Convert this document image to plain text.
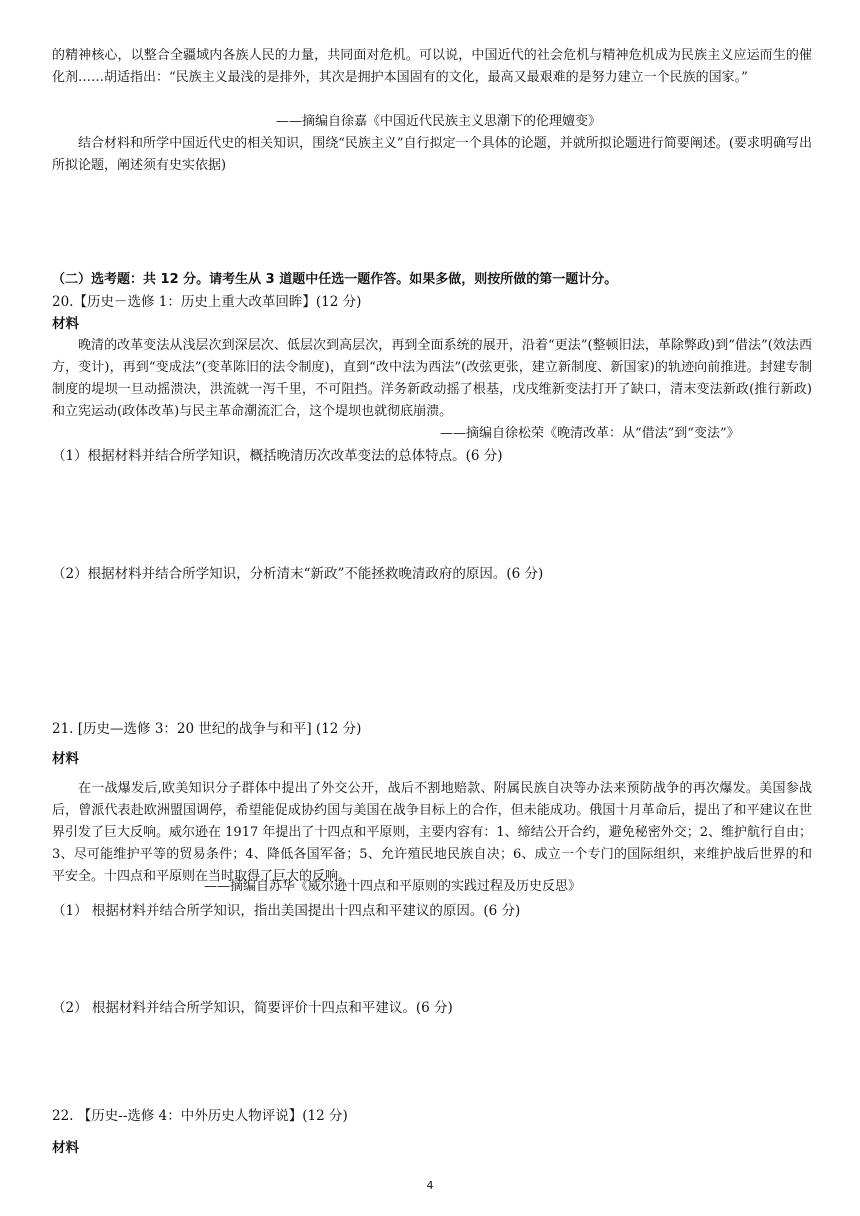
的精神核心，以整合全疆域内各族人民的力量，共同面对危机。可以说，中国近代的社会危机与精神危机成为民族主义应运而生的催化剂……胡适指出：“民族主义最浅的是排外，其次是拥护本国固有的文化，最高又最艰难的是努力建立一个民族的国家。”

——摘编自徐嘉《中国近代民族主义思潮下的伦理嬗变》

结合材料和所学中国近代史的相关知识，围绕“民族主义”自行拟定一个具体的论题，并就所拟论题进行简要阐述。(要求明确写出所拟论题，阐述须有史实依据)

（二）选考题：共 12 分。请考生从 3 道题中任选一题作答。如果多做，则按所做的第一题计分。
20.【历史－选修 1：历史上重大改革回眸】(12 分)
材料

晚清的改革变法从浅层次到深层次、低层次到高层次，再到全面系统的展开，沿着“更法”(整顿旧法，革除弊政)到“借法”(效法西方，变计)，再到“变成法”(变革陈旧的法令制度)，直到“改中法为西法”(改弦更张，建立新制度、新国家)的轨迹向前推进。封建专制制度的堤坝一旦动摇溃决，洪流就一泻千里，不可阻挡。洋务新政动摇了根基，戊戌维新变法打开了缺口，清末变法新政(推行新政)和立宪运动(政体改革)与民主革命潮流汇合，这个堤坝也就彻底崩溃。

——摘编自徐松荣《晚清改革：从“借法”到“变法”》
（1）根据材料并结合所学知识，概括晚清历次改革变法的总体特点。(6 分)
（2）根据材料并结合所学知识，分析清末“新政”不能拯救晚清政府的原因。(6 分)
21. [历史—选修 3：20 世纪的战争与和平] (12 分)
材料

在一战爆发后,欧美知识分子群体中提出了外交公开，战后不割地赔款、附属民族自决等办法来预防战争的再次爆发。美国参战后，曾派代表赴欧洲盟国调停，希望能促成协约国与美国在战争目标上的合作，但未能成功。俄国十月革命后，提出了和平建议在世界引发了巨大反响。威尔逊在 1917 年提出了十四点和平原则，主要内容有：1、缔结公开合约，避免秘密外交；2、维护航行自由；3、尽可能维护平等的贸易条件；4、降低各国军备；5、允许殖民地民族自决；6、成立一个专门的国际组织，来维护战后世界的和平安全。十四点和平原则在当时取得了巨大的反响。

——摘编自苏华《威尔逊十四点和平原则的实践过程及历史反思》
（1） 根据材料并结合所学知识，指出美国提出十四点和平建议的原因。(6 分)
（2） 根据材料并结合所学知识，简要评价十四点和平建议。(6 分)
22. 【历史--选修 4：中外历史人物评说】(12 分)
材料
4
